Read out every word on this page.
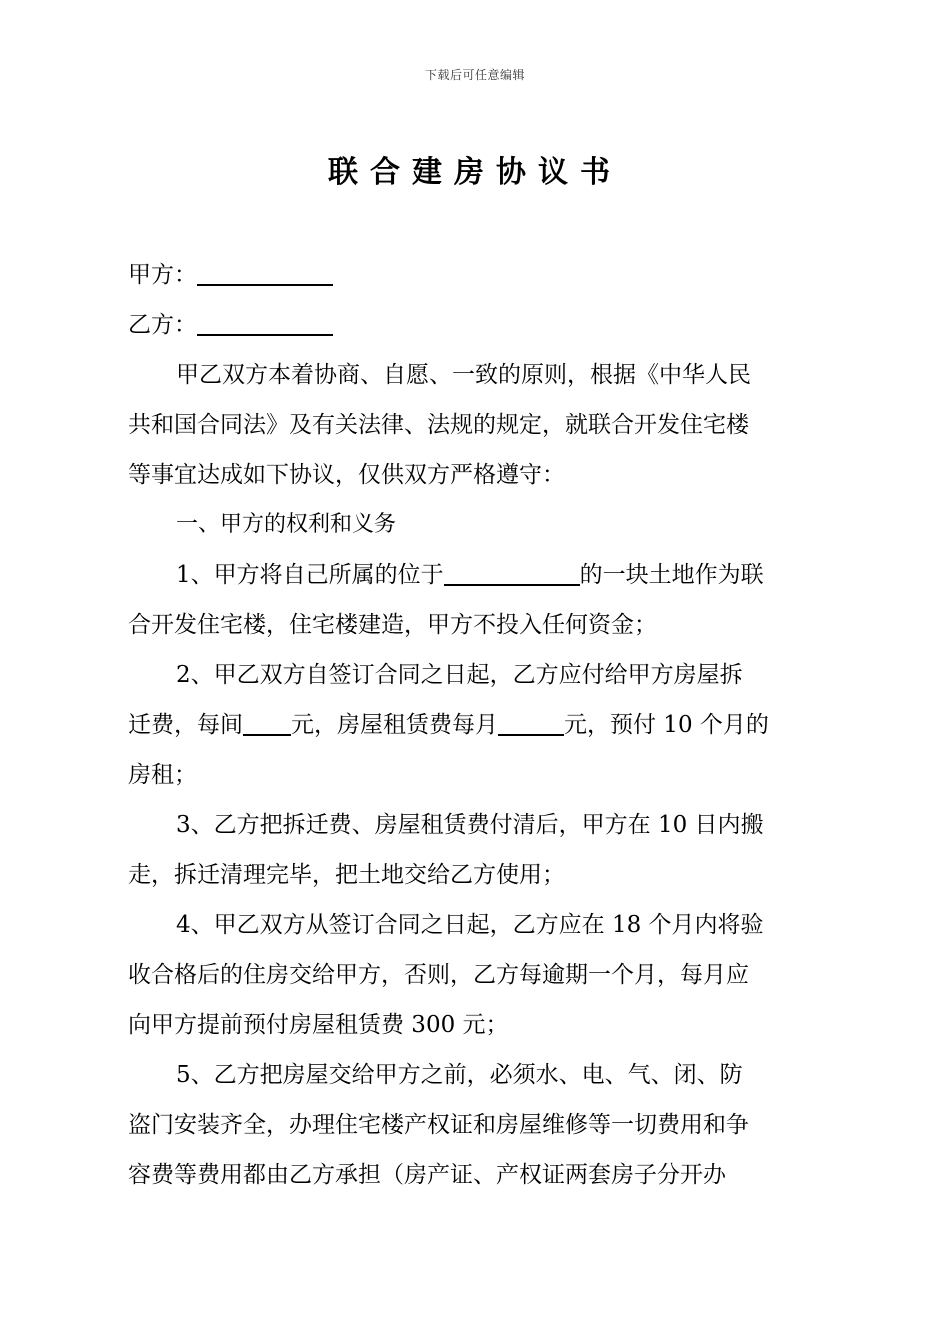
下载后可任意编辑
联合建房协议书
甲方：
乙方：
甲乙双方本着协商、自愿、一致的原则，根据《中华人民
共和国合同法》及有关法律、法规的规定，就联合开发住宅楼
等事宜达成如下协议，仅供双方严格遵守：
一、甲方的权利和义务
1、甲方将自己所属的位于	的一块土地作为联
合开发住宅楼，住宅楼建造，甲方不投入任何资金；
2、甲乙双方自签订合同之日起，乙方应付给甲方房屋拆
迁费，每间 元，房屋租赁费每月	元，预付 10 个月的
房租；
3、乙方把拆迁费、房屋租赁费付清后，甲方在 10 日内搬
走，拆迁清理完毕，把土地交给乙方使用；
4、甲乙双方从签订合同之日起，乙方应在 18 个月内将验
收合格后的住房交给甲方，否则，乙方每逾期一个月，每月应
向甲方提前预付房屋租赁费 300 元；
5、乙方把房屋交给甲方之前，必须水、电、气、闭、防
盗门安装齐全，办理住宅楼产权证和房屋维修等一切费用和争
容费等费用都由乙方承担（房产证、产权证两套房子分开办
